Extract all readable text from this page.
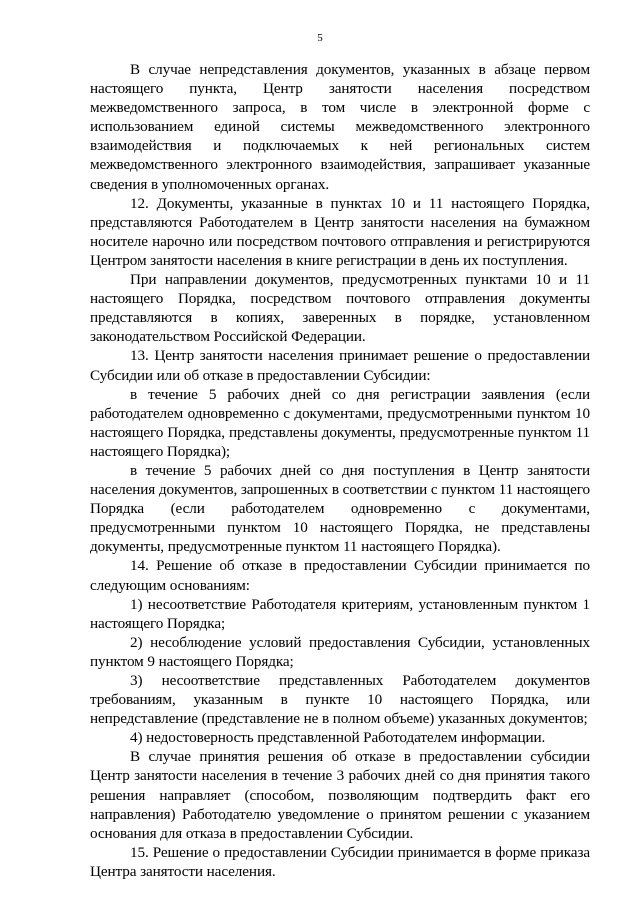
5

В случае непредставления документов, указанных в абзаце первом настоящего пункта, Центр занятости населения посредством межведомственного запроса, в том числе в электронной форме с использованием единой системы межведомственного электронного взаимодействия и подключаемых к ней региональных систем межведомственного электронного взаимодействия, запрашивает указанные сведения в уполномоченных органах.

12. Документы, указанные в пунктах 10 и 11 настоящего Порядка, представляются Работодателем в Центр занятости населения на бумажном носителе нарочно или посредством почтового отправления и регистрируются Центром занятости населения в книге регистрации в день их поступления.

При направлении документов, предусмотренных пунктами 10 и 11 настоящего Порядка, посредством почтового отправления документы представляются в копиях, заверенных в порядке, установленном законодательством Российской Федерации.

13. Центр занятости населения принимает решение о предоставлении Субсидии или об отказе в предоставлении Субсидии:

в течение 5 рабочих дней со дня регистрации заявления (если работодателем одновременно с документами, предусмотренными пунктом 10 настоящего Порядка, представлены документы, предусмотренные пунктом 11 настоящего Порядка);

в течение 5 рабочих дней со дня поступления в Центр занятости населения документов, запрошенных в соответствии с пунктом 11 настоящего Порядка (если работодателем одновременно с документами, предусмотренными пунктом 10 настоящего Порядка, не представлены документы, предусмотренные пунктом 11 настоящего Порядка).

14. Решение об отказе в предоставлении Субсидии принимается по следующим основаниям:

1) несоответствие Работодателя критериям, установленным пунктом 1 настоящего Порядка;

2) несоблюдение условий предоставления Субсидии, установленных пунктом 9 настоящего Порядка;

3) несоответствие представленных Работодателем документов требованиям, указанным в пункте 10 настоящего Порядка, или непредставление (представление не в полном объеме) указанных документов;

4) недостоверность представленной Работодателем информации.

В случае принятия решения об отказе в предоставлении субсидии Центр занятости населения в течение 3 рабочих дней со дня принятия такого решения направляет (способом, позволяющим подтвердить факт его направления) Работодателю уведомление о принятом решении с указанием основания для отказа в предоставлении Субсидии.

15. Решение о предоставлении Субсидии принимается в форме приказа Центра занятости населения.
